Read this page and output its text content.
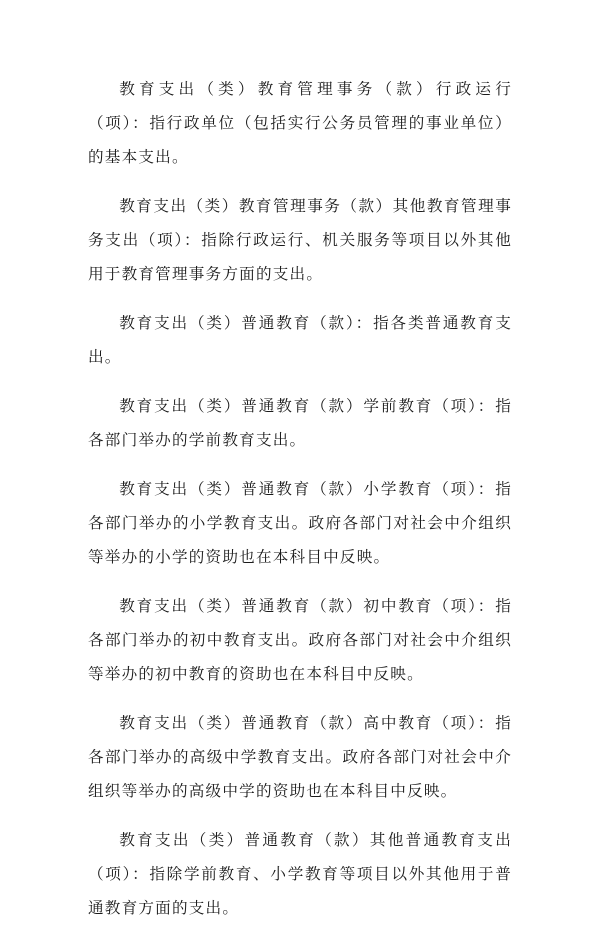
教育支出（类）教育管理事务（款）行政运行（项）：指行政单位（包括实行公务员管理的事业单位）的基本支出。

教育支出（类）教育管理事务（款）其他教育管理事务支出（项）：指除行政运行、机关服务等项目以外其他用于教育管理事务方面的支出。

教育支出（类）普通教育（款）：指各类普通教育支出。

教育支出（类）普通教育（款）学前教育（项）：指各部门举办的学前教育支出。

教育支出（类）普通教育（款）小学教育（项）：指各部门举办的小学教育支出。政府各部门对社会中介组织等举办的小学的资助也在本科目中反映。

教育支出（类）普通教育（款）初中教育（项）：指各部门举办的初中教育支出。政府各部门对社会中介组织等举办的初中教育的资助也在本科目中反映。

教育支出（类）普通教育（款）高中教育（项）：指各部门举办的高级中学教育支出。政府各部门对社会中介组织等举办的高级中学的资助也在本科目中反映。

教育支出（类）普通教育（款）其他普通教育支出（项）：指除学前教育、小学教育等项目以外其他用于普通教育方面的支出。
